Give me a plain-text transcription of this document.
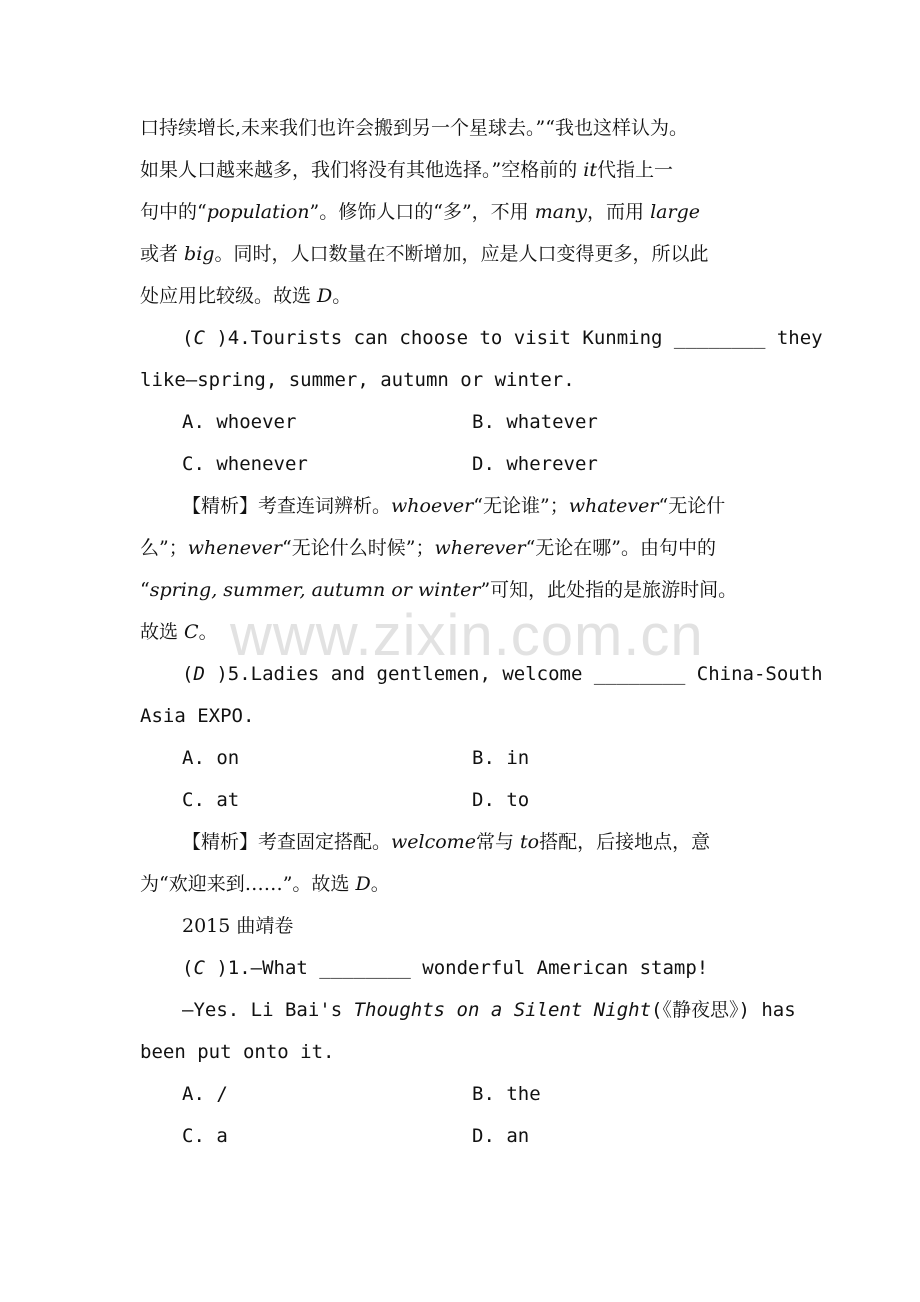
www.zixin.com.cn
口持续增长,未来我们也许会搬到另一个星球去。”“我也这样认为。
如果人口越来越多，我们将没有其他选择。”空格前的 it代指上一
句中的“population”。修饰人口的“多”，不用 many，而用 large
或者 big。同时，人口数量在不断增加，应是人口变得更多，所以此
处应用比较级。故选 D。
(C )4.Tourists can choose to visit Kunming ________ they
like—spring, summer, autumn or winter.
A. whoever	B. whatever
C. whenever	D. wherever
【精析】考查连词辨析。whoever“无论谁”；whatever“无论什
么”；whenever“无论什么时候”；wherever“无论在哪”。由句中的
“spring, summer, autumn or winter”可知，此处指的是旅游时间。
故选 C。
(D )5.Ladies and gentlemen, welcome ________ China-South
Asia EXPO.
A. on	B. in
C. at	D. to
【精析】考查固定搭配。welcome常与 to搭配，后接地点，意
为“欢迎来到……”。故选 D。
2015 曲靖卷
(C )1.—What ________ wonderful American stamp!
—Yes. Li Bai's Thoughts on a Silent Night(《静夜思》) has
been put onto it.
A. /	B. the
C. a	D. an
